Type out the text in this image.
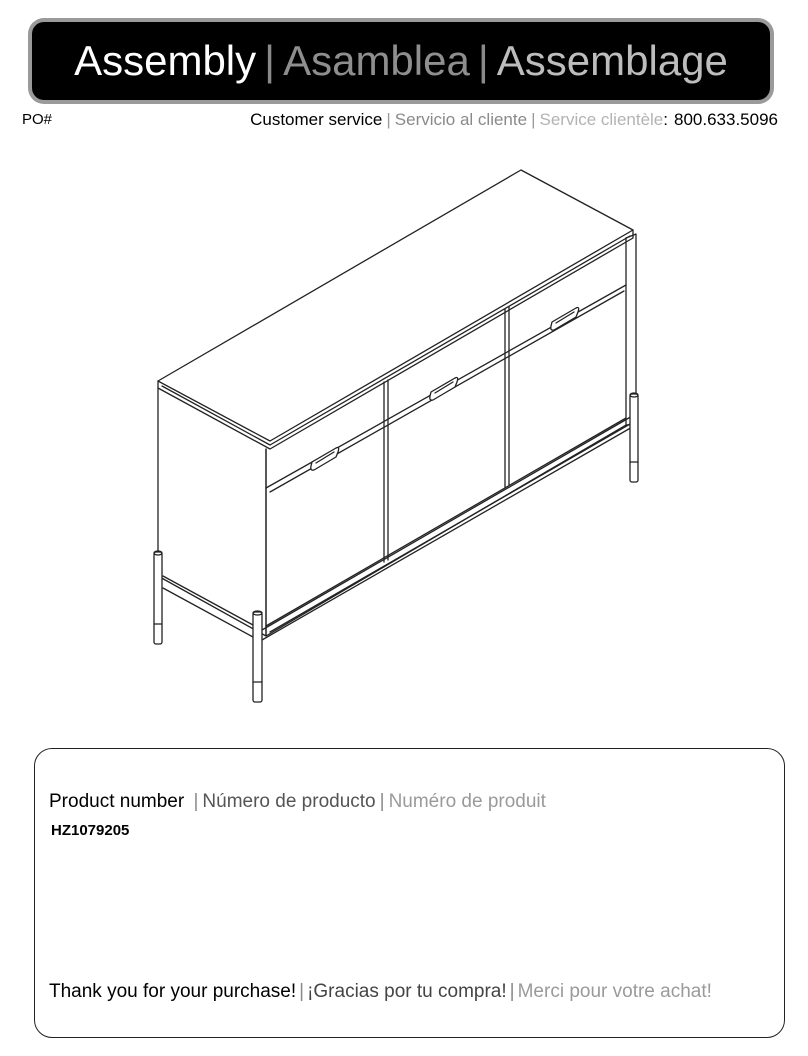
Assembly | Asamblea | Assemblage
PO#	Customer service | Servicio al cliente | Service clientèle: 800.633.5096
Product number | Número de producto | Numéro de produit
HZ1079205
Thank you for your purchase! | ¡Gracias por tu compra! | Merci pour votre achat!
